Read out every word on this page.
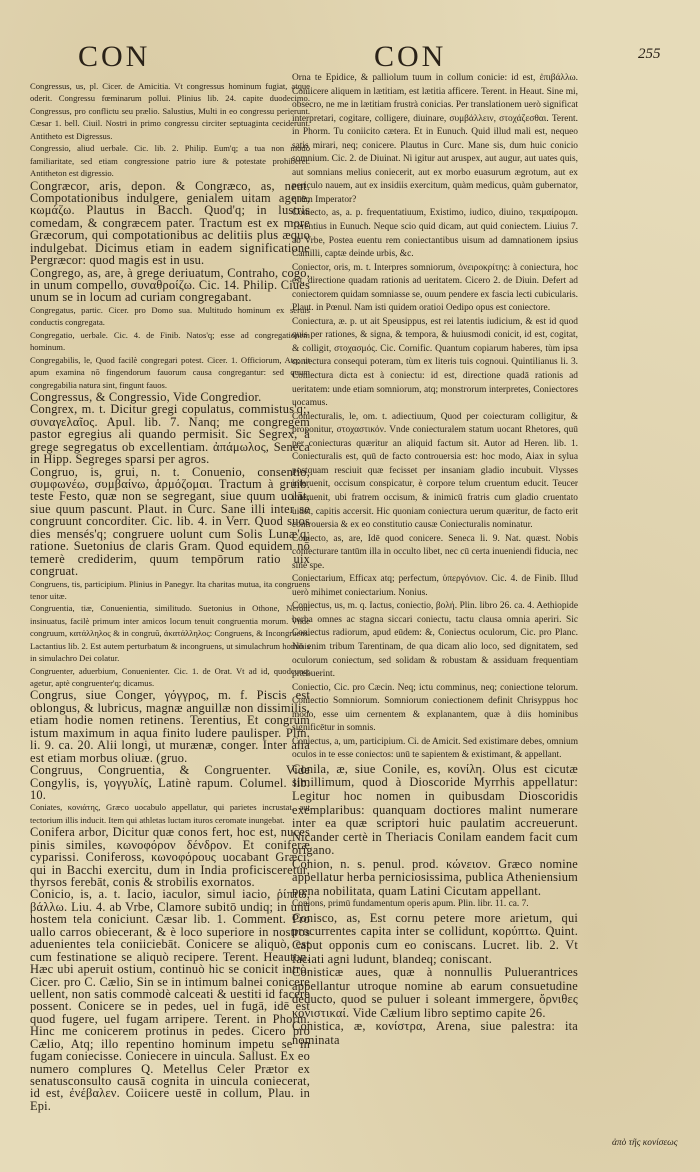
CON	CON	255

Congressus, us, pl. Cicer. de Amicitia. Vt congressus hominum fugiat, atque oderit. Congressu fœminarum pollui. Plinius lib. 24. capite duodecimo. Congressus, pro conflictu seu prælio. Salustius, Multi in eo congressu perierunt. Cæsar 1. bell. Ciuil. Nostri in primo congressu circiter septuaginta ceciderunt. Antitheto est Digressus.

Congressio, aliud uerbale. Cic. lib. 2. Philip. Eum'q; a tua non modò familiaritate, sed etiam congressione patrio iure & potestate prohiberet. Antitheton est digressio.

Congræcor, aris, depon. & Congræco, as, neut. Compotationibus indulgere, genialem uitam agere, κωμάζω. Plautus in Bacch. Quod'q; in lustris comedam, & congræcem pater. Tractum est ex more Græcorum, qui compotationibus ac delitiis plus æquo indulgebat. Dicimus etiam in eadem significatione Pergræcor: quod magis est in usu.

Congrego, as, are, à grege deriuatum, Contraho, cogo, in unum compello, συναθροίζω. Cic. 14. Philip. Ciues unum se in locum ad curiam congregabant.

Congregatus, partic. Cicer. pro Domo sua. Multitudo hominum ex seruis conductis congregata.

Congregatio, uerbale. Cic. 4. de Finib. Natos'q; esse ad congregationem hominum.

Congregabilis, le, Quod facilè congregari potest. Cicer. 1. Officiorum, Atq; ut apum examina nō fingendorum fauorum causa congregantur: sed quum congregabilia natura sint, fingunt fauos.

Congressus, & Congressio, Vide Congredior.

Congrex, m. t. Dicitur gregi copulatus, commistus'q;, συναγελαῖος. Apul. lib. 7. Nanq; me congregem pastor egregius ali quando permisit. Sic Segrex, à grege segregatus ob excellentiam. ἀπάμωλος, Seneca in Hipp. Segreges sparsi per agros.

Congruo, is, grui, n. t. Conuenio, consentio, συμφωνέω, συμβαίνω, ἁρμόζομαι. Tractum à gruib. teste Festo, quæ non se segregant, siue quum uolāt, siue quum pascunt. Plaut. in Curc. Sane illi inter se congruunt concorditer. Cic. lib. 4. in Verr. Quod suos dies mensés'q; congruere uolunt cum Solis Lunæ'q; ratione. Suetonius de claris Gram. Quod equidem nō temerè crediderim, quum tempōrum ratio uix congruat.

Congruens, tis, participium. Plinius in Panegyr. Ita charitas mutua, ita congruens tenor uitæ.

Congruentia, tiæ, Conuenientia, similitudo. Suetonius in Othone, Neroni insinuatus, facilè primum inter amicos locum tenuit congruentia morum. Vnde congruum, κατάλληλος & in congruū, ἀκατάλληλος: Congruens, & Incongruens. Lactantius lib. 2. Est autem perturbatum & incongruens, ut simulachrum hominis in simulachro Dei colatur.

Congruenter, aduerbium, Conuenienter. Cic. 1. de Orat. Vt ad id, quodcunq; agetur, aptè congruenter'q; dicamus.

Congrus, siue Conger, γόγγρος, m. f. Piscis est oblongus, & lubricus, magnæ anguillæ non dissimilis, etiam hodie nomen retinens. Terentius, Et congrum istum maximum in aqua finito ludere paulisper. Plin. li. 9. ca. 20. Alii longi, ut murænæ, conger. Inter alia est etiam morbus oliuæ. (gruo.

Congruus, Congruentia, & Congruenter. Vide Congylis, is, γογγυλίς, Latinè rapum. Columel. lib. 10.

Coniates, κονιάτης, Græco uocabulo appellatur, qui parietes incrustat, aut tectorium illis inducit. Item qui athletas luctam ituros ceromate inungebat.

Conifera arbor, Dicitur quæ conos fert, hoc est, nuces pinis similes, κωνοφόρον δένδρον. Et coniferæ cyparissi. Conifeross, κωνοφόρους uocabant Græci, qui in Bacchi exercitu, dum in India proficisceretur, thyrsos ferebāt, conis & strobilis exornatos.

Conicio, is, a. t. Iacio, iaculor, simul iacio, ῥίπτω, βάλλω. Liu. 4. ab Vrbe, Clamore subitō undiq; in unū hostem tela coniciunt. Cæsar lib. 1. Comment. Pro uallo carros obiecerant, & è loco superiore in nostros aduenientes tela coniiciebāt. Conicere se aliquò, est cum festinatione se aliquò recipere. Terent. Heauton. Hæc ubi aperuit ostium, continuò hic se conicit intrò. Cicer. pro C. Cælio, Sin se in intimum balnei conicere uellent, non satis commodè calceati & uestiti id facere possent. Conicere se in pedes, uel in fugā, idē est quod fugere, uel fugam arripere. Terent. in Phorm. Hinc me conicerem protinus in pedes. Cicero pro Cælio, Atq; illo repentino hominum impetu se in fugam coniecisse. Coniecere in uincula. Sallust. Ex eo numero complures Q. Metellus Celer Prætor ex senatusconsulto causā cognita in uincula coniecerat, id est, ἐνέβαλεν. Coiicere uestē in collum, Plau. in Epi.

Orna te Epidice, & palliolum tuum in collum conicie: id est, ἐπιβάλλω. Coniicere aliquem in lætitiam, est lætitia afficere. Terent. in Heaut. Sine mi, obsecro, ne me in lætitiam frustrà conicias. Per translationem uerò significat interpretari, cogitare, colligere, diuinare, συμβάλλειν, στοχάζεσθαι. Terent. in Phorm. Tu coniicito cætera. Et in Eunuch. Quid illud mali est, nequeo satis mirari, neq; conicere. Plautus in Curc. Mane sis, dum huic conicio somnium. Cic. 2. de Diuinat. Ni igitur aut aruspex, aut augur, aut uates quis, aut somnians melius coniecerit, aut ex morbo euasurum ægrotum, aut ex periculo nauem, aut ex insidiis exercitum, quàm medicus, quàm gubernator, quàm Imperator?

Coniecto, as, a. p. frequentatiuum, Existimo, iudico, diuino, τεκμαίρομαι. Terentius in Eunuch. Neque scio quid dicam, aut quid coniectem. Liuius 7. ab Vrbe, Postea euentu rem coniectantibus uisum ad damnationem ipsius Camilli, captæ deinde urbis, &c.

Coniector, oris, m. t. Interpres somniorum, ὀνειροκρίτης: à coniectura, hoc est, directione quadam rationis ad ueritatem. Cicero 2. de Diuin. Defert ad coniectorem quidam somniasse se, ouum pendere ex fascia lecti cubicularis. Plaut. in Pœnul. Nam isti quidem oratioi Oedipo opus est coniectore.

Coniectura, æ. p. ut ait Speusippus, est rei latentis iudicium, & est id quod quis per rationes, & signa, & tempora, & huiusmodi conicit, id est, cogitat, & colligit, στοχασμός. Cic. Cornific. Quantum copiarum haberes, tùm ipsa coniectura consequi poteram, tùm ex literis tuis cognoui. Quintilianus li. 3. Coniectura dicta est à coniectu: id est, directione quadā rationis ad ueritatem: unde etiam somniorum, atq; monstrorum interpretes, Coniectores uocamus.

Coniecturalis, le, om. t. adiectiuum, Quod per coiecturam colligitur, & proponitur, στοχαστικόν. Vnde coniecturalem statum uocant Rhetores, quū per coniecturas quæritur an aliquid factum sit. Autor ad Heren. lib. 1. Coniecturalis est, quū de facto controuersia est: hoc modo, Aiax in sylua postquam resciuit quæ fecisset per insaniam gladio incubuit. Vlysses interuenit, occisum conspicatur, è corpore telum cruentum educit. Teucer interuenit, ubi fratrem occisum, & inimicū fratris cum gladio cruentato uidet, capitis accersit. Hic quoniam coniectura uerum quæritur, de facto erit controuersia & ex eo constitutio causæ Coniecturalis nominatur.

Coniecto, as, are, Idē quod conicere. Seneca li. 9. Nat. quæst. Nobis coniecturare tantūm illa in occulto libet, nec cū certa inueniendi fiducia, nec sine spe.

Coniectarium, Efficax atq; perfectum, ὑπεργόνιον. Cic. 4. de Finib. Illud uerò mihimet coniectarium. Nonius.

Coniectus, us, m. q. Iactus, coniectio, βολή. Plin. libro 26. ca. 4. Aethiopide herba omnes ac stagna siccari coniectu, tactu clausa omnia aperiri. Sic Coniectus radiorum, apud eūdem: &, Coniectus oculorum, Cic. pro Planc. Nō enim tribum Tarentinam, de qua dicam alio loco, sed dignitatem, sed oculorum coniectum, sed solidam & robustam & assiduam frequentiam præbuerint.

Coniectio, Cic. pro Cæcin. Neq; ictu comminus, neq; coniectione telorum. Coniectio Somniorum. Somniorum coniectionem definit Chrisyppus hoc modo, esse uim cernentem & explanantem, quæ à diis hominibus significētur in somnis.

Coniectus, a, um, participium. Ci. de Amicit. Sed existimare debes, omnium oculos in te esse coniectos: unū te sapientem & existimant, & appellant.

Conila, æ, siue Conile, es, κονίλη. Olus est cicutæ simillimum, quod à Dioscoride Myrrhis appellatur: Legitur hoc nomen in quibusdam Dioscoridis exemplaribus: quanquam doctiores malint numerare inter ea quæ scriptori huic paulatim accreuerunt. Nicander certè in Theriacis Conilam eandem facit cum origano.

Conion, n. s. penul. prod. κώνειον. Græco nomine appellatur herba perniciosissima, publica Atheniensium pœna nobilitata, quam Latini Cicutam appellant.

Conions, primū fundamentum operis apum. Plin. libr. 11. ca. 7.

Conisco, as, Est cornu petere more arietum, qui procurrentes capita inter se collidunt, κορύπτω. Quint. Caput opponis cum eo coniscans. Lucret. lib. 2. Vt faciati agni ludunt, blandeq; coniscant.

Conisticæ aues, quæ à nonnullis Puluerantrices appellantur utroque nomine ab earum consuetudine deducto, quod se puluer i soleant immergere, ὄρνιθες κονιστικαί. Vide Cælium libro septimo capite 26.

Conistica, æ, κονίστρα, Arena, siue palestra: ita nominata

ἀπὸ τῆς κονίσεως
